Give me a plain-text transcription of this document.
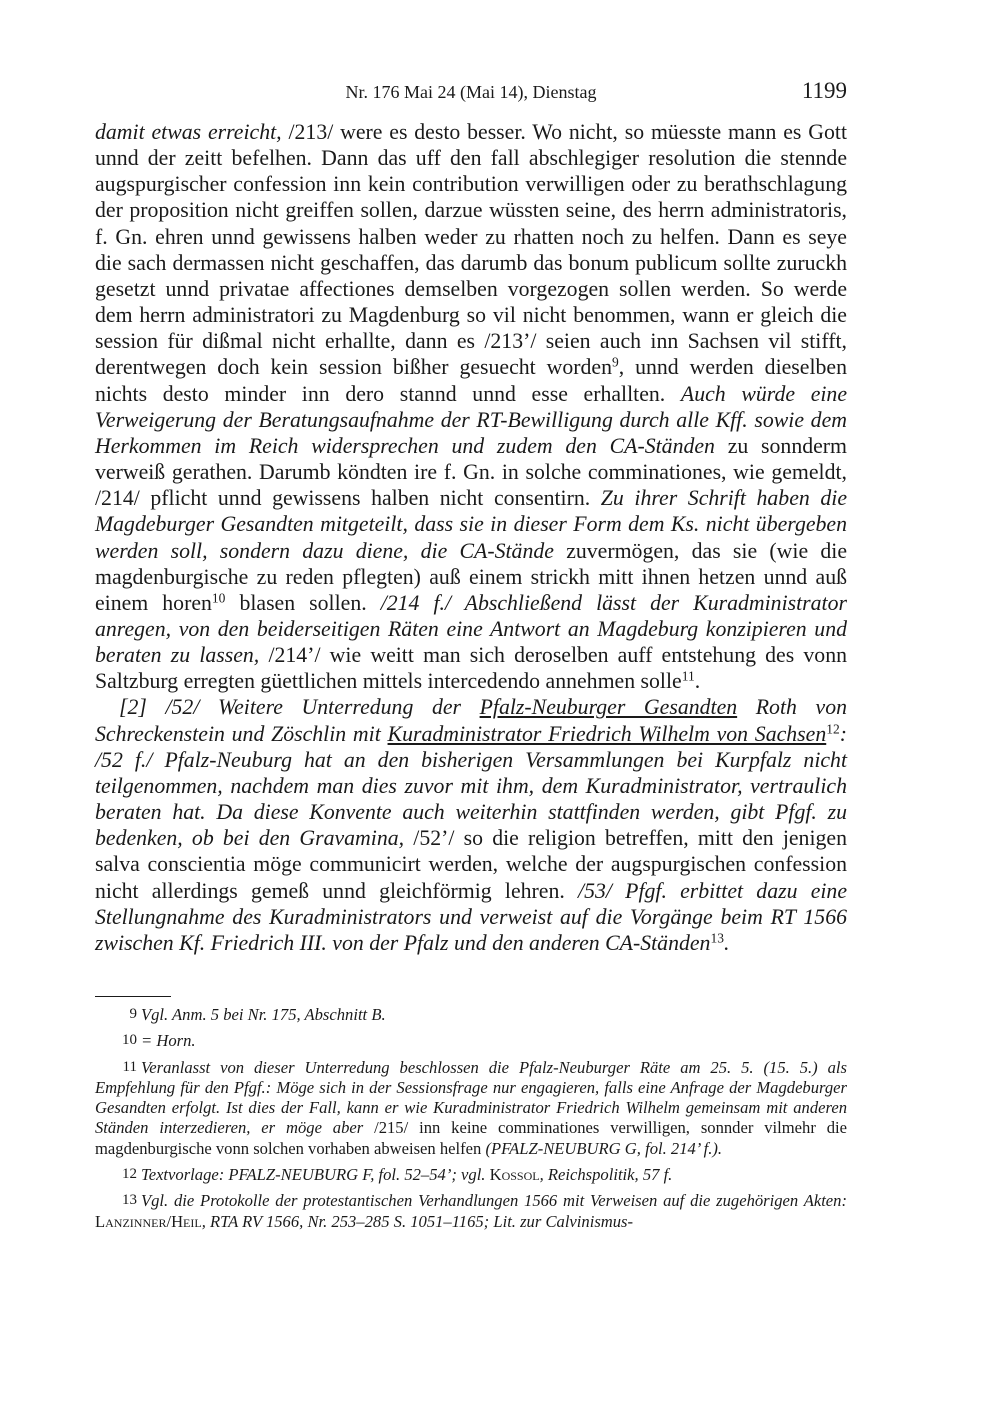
Nr. 176 Mai 24 (Mai 14), Dienstag	1199

damit etwas erreicht, /213/ were es desto besser. Wo nicht, so müesste mann es Gott unnd der zeitt befelhen. Dann das uff den fall abschlegiger resolution die stennde augspurgischer confession inn kein contribution verwilligen oder zu berathschlagung der proposition nicht greiffen sollen, darzue wüssten seine, des herrn administratoris, f. Gn. ehren unnd gewissens halben weder zu rhatten noch zu helfen. Dann es seye die sach dermassen nicht geschaffen, das darumb das bonum publicum sollte zuruckh gesetzt unnd privatae affectiones demselben vorgezogen sollen werden. So werde dem herrn administratori zu Magdenburg so vil nicht benommen, wann er gleich die session für dißmal nicht erhallte, dann es /213’/ seien auch inn Sachsen vil stifft, derentwegen doch kein session bißher gesuecht worden$^9$, unnd werden dieselben nichts desto minder inn dero stannd unnd esse erhallten. Auch würde eine Verweigerung der Beratungsaufnahme der RT-Bewilligung durch alle Kff. sowie dem Herkommen im Reich widersprechen und zudem den CA-Ständen zu sonnderm verweiß gerathen. Darumb köndten ire f. Gn. in solche comminationes, wie gemeldt, /214/ pflicht unnd gewissens halben nicht consentirn. Zu ihrer Schrift haben die Magdeburger Gesandten mitgeteilt, dass sie in dieser Form dem Ks. nicht übergeben werden soll, sondern dazu diene, die CA-Stände zuvermögen, das sie (wie die magdenburgische zu reden pflegten) auß einem strickh mitt ihnen hetzen unnd auß einem horen$^{10}$ blasen sollen. /214 f./ Abschließend lässt der Kuradministrator anregen, von den beiderseitigen Räten eine Antwort an Magdeburg konzipieren und beraten zu lassen, /214’/ wie weitt man sich deroselben auff entstehung des vonn Saltzburg erregten güettlichen mittels intercedendo annehmen solle$^{11}$.

[2] /52/ Weitere Unterredung der Pfalz-Neuburger Gesandten Roth von Schreckenstein und Zöschlin mit Kuradministrator Friedrich Wilhelm von Sachsen$^{12}$: /52 f./ Pfalz-Neuburg hat an den bisherigen Versammlungen bei Kurpfalz nicht teilgenommen, nachdem man dies zuvor mit ihm, dem Kuradministrator, vertraulich beraten hat. Da diese Konvente auch weiterhin stattfinden werden, gibt Pfgf. zu bedenken, ob bei den Gravamina, /52’/ so die religion betreffen, mitt den jenigen salva conscientia möge communicirt werden, welche der augspurgischen confession nicht allerdings gemeß unnd gleichförmig lehren. /53/ Pfgf. erbittet dazu eine Stellungnahme des Kuradministrators und verweist auf die Vorgänge beim RT 1566 zwischen Kf. Friedrich III. von der Pfalz und den anderen CA-Ständen$^{13}$.

9 Vgl. Anm. 5 bei Nr. 175, Abschnitt B.

10 = Horn.

11 Veranlasst von dieser Unterredung beschlossen die Pfalz-Neuburger Räte am 25. 5. (15. 5.) als Empfehlung für den Pfgf.: Möge sich in der Sessionsfrage nur engagieren, falls eine Anfrage der Magdeburger Gesandten erfolgt. Ist dies der Fall, kann er wie Kuradministrator Friedrich Wilhelm gemeinsam mit anderen Ständen interzedieren, er möge aber /215/ inn keine comminationes verwilligen, sonnder vilmehr die magdenburgische vonn solchen vorhaben abweisen helfen (PFALZ-NEUBURG G, fol. 214’ f.).

12 Textvorlage: PFALZ-NEUBURG F, fol. 52–54’; vgl. Kossol, Reichspolitik, 57 f.

13 Vgl. die Protokolle der protestantischen Verhandlungen 1566 mit Verweisen auf die zugehörigen Akten: Lanzinner/Heil, RTA RV 1566, Nr. 253–285 S. 1051–1165; Lit. zur Calvinismus-
